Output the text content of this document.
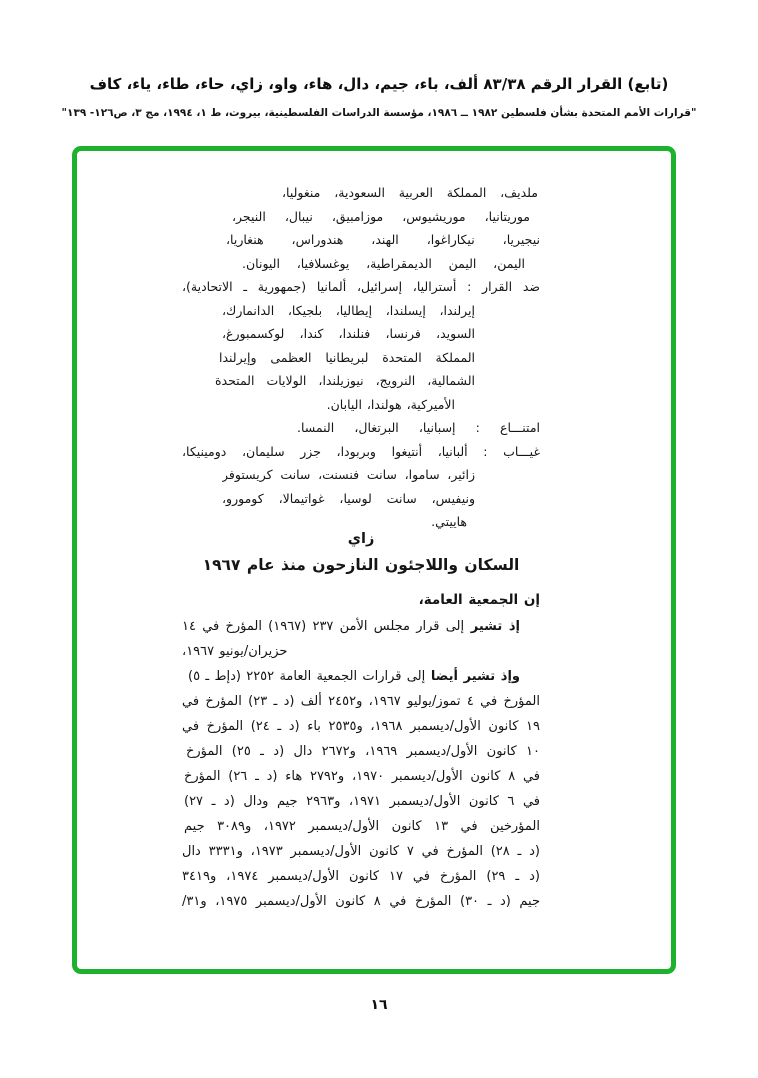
(تابع) القرار الرقم ٨٣/٣٨ ألف، باء، جيم، دال، هاء، واو، زاي، حاء، طاء، ياء، كاف
"قرارات الأمم المتحدة بشأن فلسطين ١٩٨٢ ــ ١٩٨٦، مؤسسة الدراسات الفلسطينية، بيروت، ط ١، ١٩٩٤، مج ٣، ص١٢٦- ١٣٩"
ملديف، المملكة العربية السعودية، منغوليا،
موريتانيا، موريشيوس، موزامبيق، نيبال، النيجر،
نيجيريا، نيكاراغوا، الهند، هندوراس، هنغاريا،
اليمن، اليمن الديمقراطية، يوغسلافيا، اليونان.
ضد القرار : أستراليا، إسرائيل، ألمانيا (جمهورية ـ الاتحادية)،
إيرلندا، إيسلندا، إيطاليا، بلجيكا، الدانمارك،
السويد، فرنسا، فنلندا، كندا، لوكسمبورغ،
المملكة المتحدة لبريطانيا العظمى وإيرلندا
الشمالية، النرويج، نيوزيلندا، الولايات المتحدة
الأميركية، هولندا، اليابان.
امتنـــاع : إسبانيا، البرتغال، النمسا.
غيـــاب : ألبانيا، أنتيغوا وبربودا، جزر سليمان، دومينيكا،
زائير، ساموا، سانت فنسنت، سانت كريستوفر
ونيفيس، سانت لوسيا، غواتيمالا، كومورو،
هاييتي.
زاي
السكان واللاجئون النازحون منذ عام ١٩٦٧
إن الجمعية العامة،
إذ تشير إلى قرار مجلس الأمن ٢٣٧ (١٩٦٧) المؤرخ في ١٤
حزيران/يونيو ١٩٦٧،
وإذ تشير أيضا إلى قرارات الجمعية العامة ٢٢٥٢ (دإط ـ ٥)
المؤرخ في ٤ تموز/يوليو ١٩٦٧، و٢٤٥٢ ألف (د ـ ٢٣) المؤرخ في
١٩ كانون الأول/ديسمبر ١٩٦٨، و٢٥٣٥ باء (د ـ ٢٤) المؤرخ في
١٠ كانون الأول/ديسمبر ١٩٦٩، و٢٦٧٢ دال (د ـ ٢٥) المؤرخ
في ٨ كانون الأول/ديسمبر ١٩٧٠، و٢٧٩٢ هاء (د ـ ٢٦) المؤرخ
في ٦ كانون الأول/ديسمبر ١٩٧١، و٢٩٦٣ جيم ودال (د ـ ٢٧)
المؤرخين في ١٣ كانون الأول/ديسمبر ١٩٧٢، و٣٠٨٩ جيم
(د ـ ٢٨) المؤرخ في ٧ كانون الأول/ديسمبر ١٩٧٣، و٣٣٣١ دال
(د ـ ٢٩) المؤرخ في ١٧ كانون الأول/ديسمبر ١٩٧٤، و٣٤١٩
جيم (د ـ ٣٠) المؤرخ في ٨ كانون الأول/ديسمبر ١٩٧٥، و٣١/
١٦
